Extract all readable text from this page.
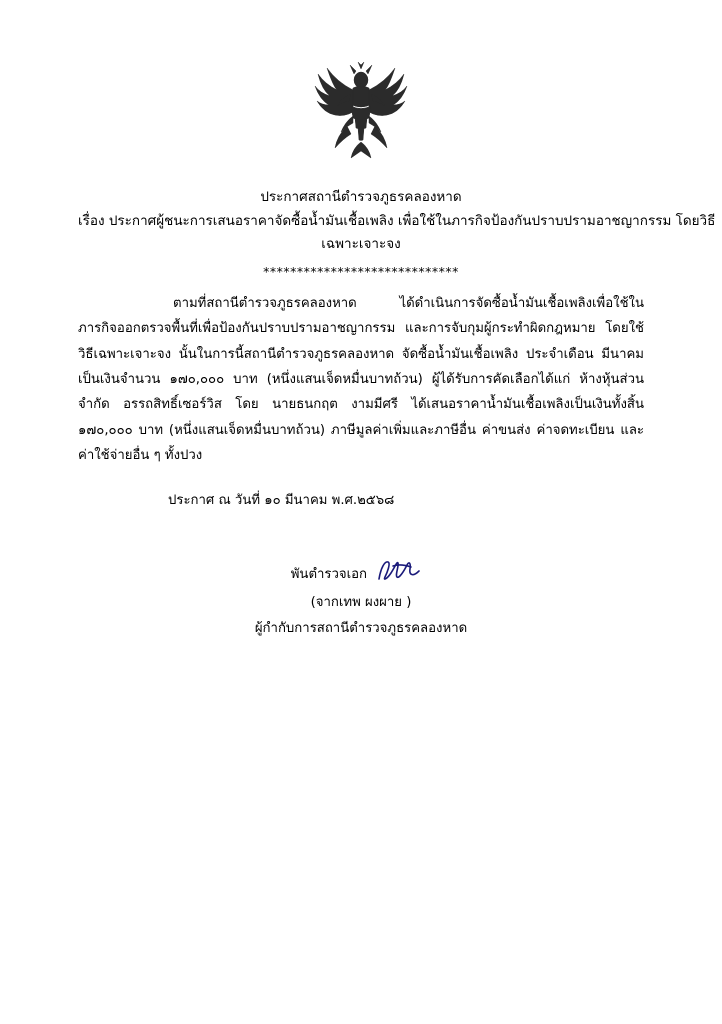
ประกาศสถานีตำรวจภูธรคลองหาด
เรื่อง ประกาศผู้ชนะการเสนอราคาจัดซื้อน้ำมันเชื้อเพลิง เพื่อใช้ในภารกิจป้องกันปราบปรามอาชญากรรม โดยวิธี
เฉพาะเจาะจง
*****************************

ตามที่สถานีตำรวจภูธรคลองหาด ได้ดำเนินการจัดซื้อน้ำมันเชื้อเพลิงเพื่อใช้ในภารกิจออกตรวจพื้นที่เพื่อป้องกันปราบปรามอาชญากรรม และการจับกุมผู้กระทำผิดกฎหมาย โดยใช้วิธีเฉพาะเจาะจง นั้นในการนี้สถานีตำรวจภูธรคลองหาด จัดซื้อน้ำมันเชื้อเพลิง ประจำเดือน มีนาคม เป็นเงินจำนวน ๑๗๐,๐๐๐ บาท (หนึ่งแสนเจ็ดหมื่นบาทถ้วน) ผู้ได้รับการคัดเลือกได้แก่ ห้างหุ้นส่วนจำกัด อรรถสิทธิ์เซอร์วิส โดย นายธนกฤต งามมีศรี ได้เสนอราคาน้ำมันเชื้อเพลิงเป็นเงินทั้งสิ้น ๑๗๐,๐๐๐ บาท (หนึ่งแสนเจ็ดหมื่นบาทถ้วน) ภาษีมูลค่าเพิ่มและภาษีอื่น ค่าขนส่ง ค่าจดทะเบียน และค่าใช้จ่ายอื่น ๆ ทั้งปวง

ประกาศ ณ วันที่ ๑๐ มีนาคม พ.ศ.๒๕๖๘
พันตำรวจเอก
(จากเทพ ผงผาย )
ผู้กำกับการสถานีตำรวจภูธรคลองหาด
